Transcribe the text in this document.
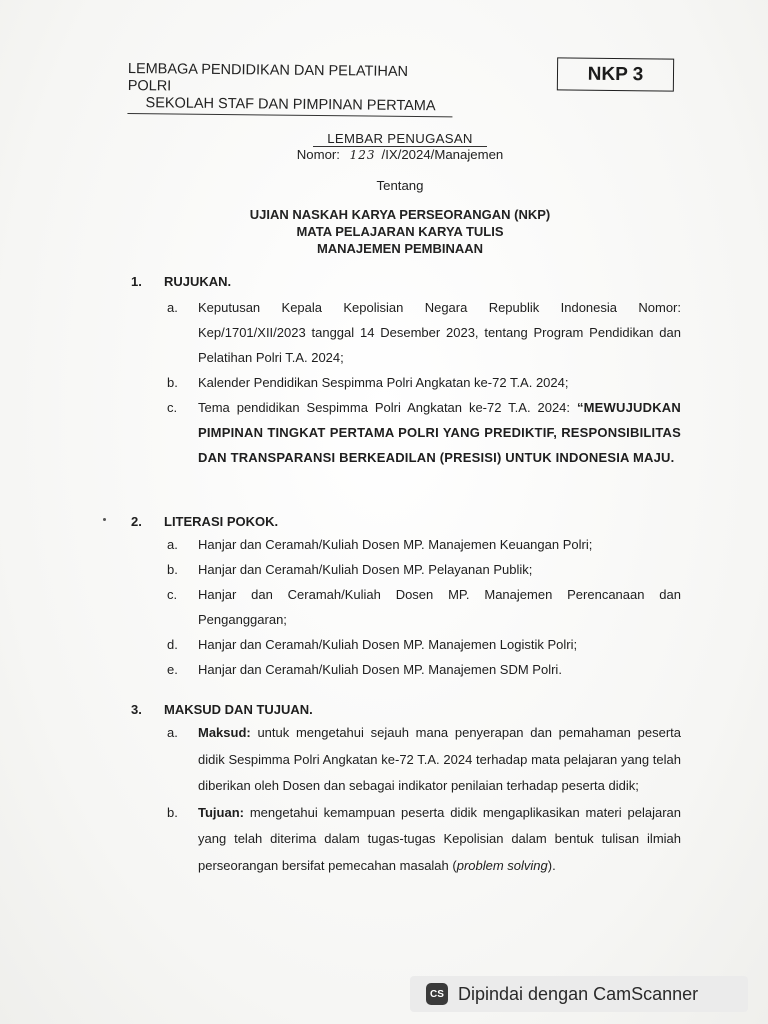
LEMBAGA PENDIDIKAN DAN PELATIHAN POLRI
SEKOLAH STAF DAN PIMPINAN PERTAMA
NKP 3
LEMBAR PENUGASAN
Nomor: 123 /IX/2024/Manajemen
Tentang
UJIAN NASKAH KARYA PERSEORANGAN (NKP)
MATA PELAJARAN KARYA TULIS
MANAJEMEN PEMBINAAN
1. RUJUKAN.
a. Keputusan Kepala Kepolisian Negara Republik Indonesia Nomor: Kep/1701/XII/2023 tanggal 14 Desember 2023, tentang Program Pendidikan dan Pelatihan Polri T.A. 2024;
b. Kalender Pendidikan Sespimma Polri Angkatan ke-72 T.A. 2024;
c. Tema pendidikan Sespimma Polri Angkatan ke-72 T.A. 2024: “MEWUJUDKAN PIMPINAN TINGKAT PERTAMA POLRI YANG PREDIKTIF, RESPONSIBILITAS DAN TRANSPARANSI BERKEADILAN (PRESISI) UNTUK INDONESIA MAJU.
2. LITERASI POKOK.
a. Hanjar dan Ceramah/Kuliah Dosen MP. Manajemen Keuangan Polri;
b. Hanjar dan Ceramah/Kuliah Dosen MP. Pelayanan Publik;
c. Hanjar dan Ceramah/Kuliah Dosen MP. Manajemen Perencanaan dan Penganggaran;
d. Hanjar dan Ceramah/Kuliah Dosen MP. Manajemen Logistik Polri;
e. Hanjar dan Ceramah/Kuliah Dosen MP. Manajemen SDM Polri.
3. MAKSUD DAN TUJUAN.
a. Maksud: untuk mengetahui sejauh mana penyerapan dan pemahaman peserta didik Sespimma Polri Angkatan ke-72 T.A. 2024 terhadap mata pelajaran yang telah diberikan oleh Dosen dan sebagai indikator penilaian terhadap peserta didik;
b. Tujuan: mengetahui kemampuan peserta didik mengaplikasikan materi pelajaran yang telah diterima dalam tugas-tugas Kepolisian dalam bentuk tulisan ilmiah perseorangan bersifat pemecahan masalah (problem solving).
CS Dipindai dengan CamScanner
